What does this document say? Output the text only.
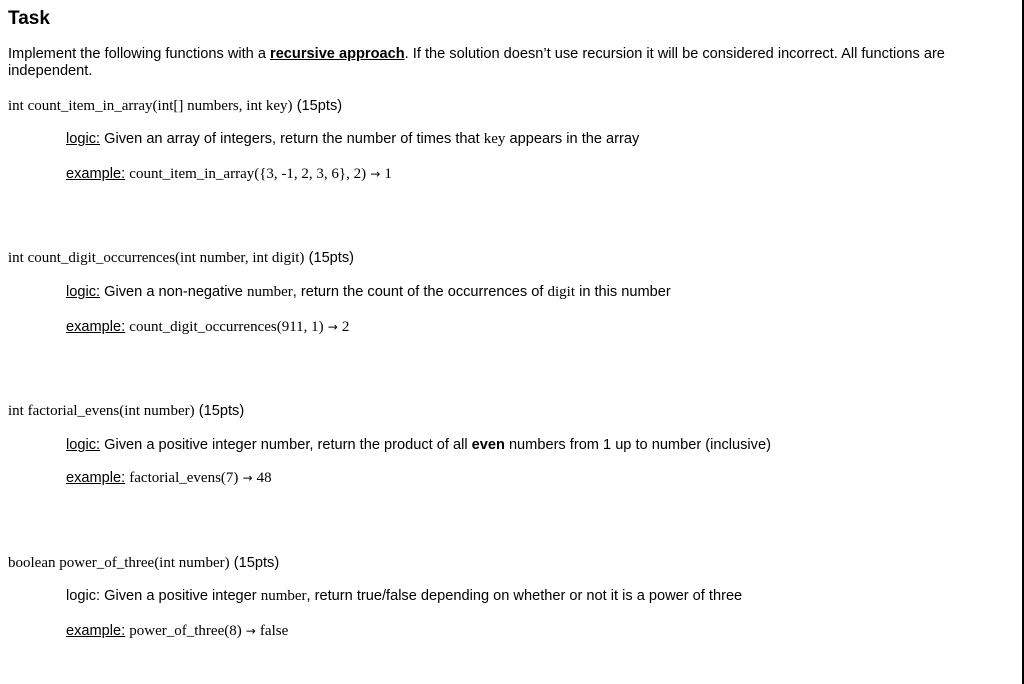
Task
Implement the following functions with a recursive approach. If the solution doesn’t use recursion it will be considered incorrect. All functions are independent.
int count_item_in_array(int[] numbers, int key) (15pts)
logic: Given an array of integers, return the number of times that key appears in the array
example: count_item_in_array({3, -1, 2, 3, 6}, 2) → 1
int count_digit_occurrences(int number, int digit) (15pts)
logic: Given a non-negative number, return the count of the occurrences of digit in this number
example: count_digit_occurrences(911, 1) → 2
int factorial_evens(int number) (15pts)
logic: Given a positive integer number, return the product of all even numbers from 1 up to number (inclusive)
example: factorial_evens(7) → 48
boolean power_of_three(int number) (15pts)
logic: Given a positive integer number, return true/false depending on whether or not it is a power of three
example: power_of_three(8) → false
